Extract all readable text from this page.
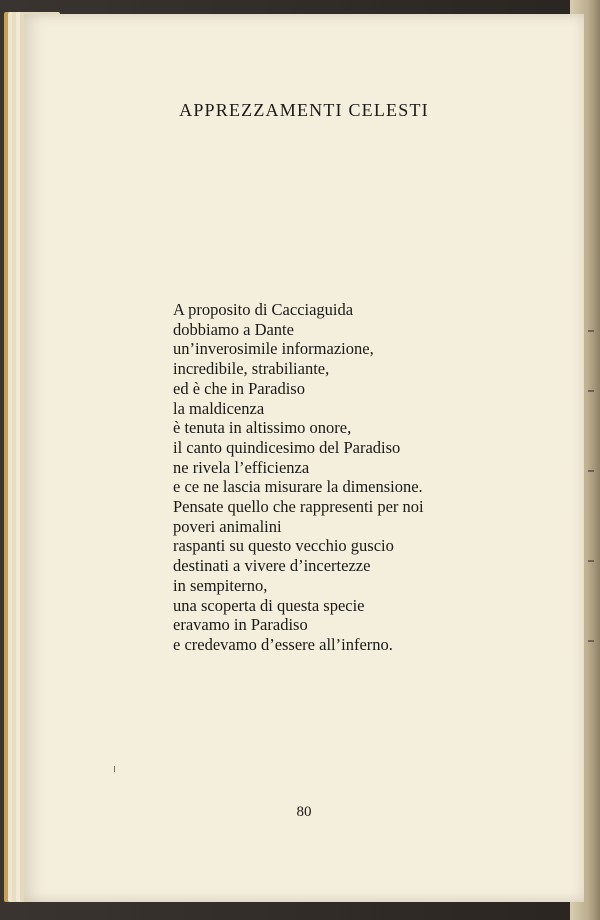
APPREZZAMENTI CELESTI
A proposito di Cacciaguida
dobbiamo a Dante
un’inverosimile informazione,
incredibile, strabiliante,
ed è che in Paradiso
la maldicenza
è tenuta in altissimo onore,
il canto quindicesimo del Paradiso
ne rivela l’efficienza
e ce ne lascia misurare la dimensione.
Pensate quello che rappresenti per noi
poveri animalini
raspanti su questo vecchio guscio
destinati a vivere d’incertezze
in sempiterno,
una scoperta di questa specie
eravamo in Paradiso
e credevamo d’essere all’inferno.
80
